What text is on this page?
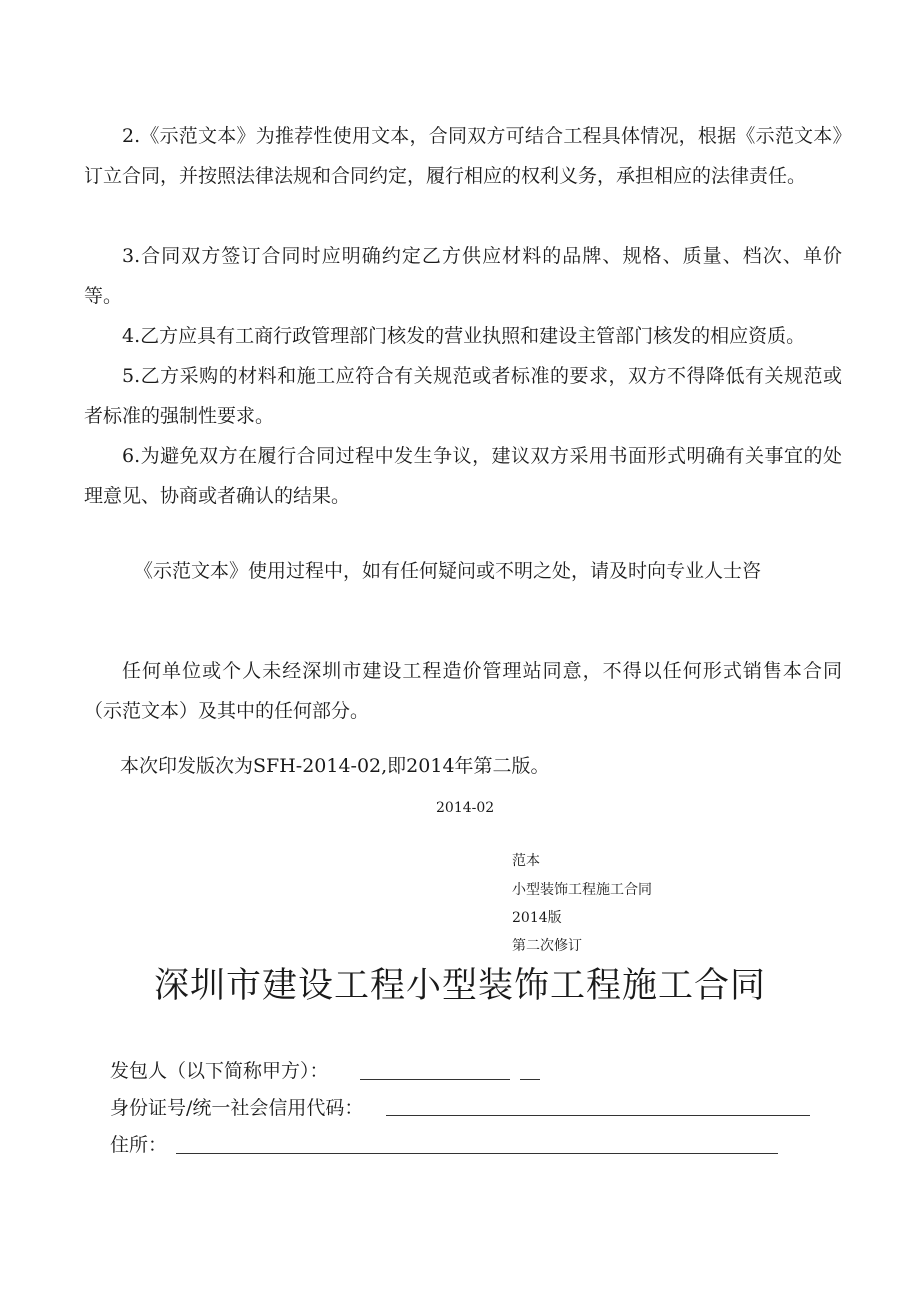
2.《示范文本》为推荐性使用文本，合同双方可结合工程具体情况，根据《示范文本》订立合同，并按照法律法规和合同约定，履行相应的权利义务，承担相应的法律责任。

3.合同双方签订合同时应明确约定乙方供应材料的品牌、规格、质量、档次、单价等。

4.乙方应具有工商行政管理部门核发的营业执照和建设主管部门核发的相应资质。

5.乙方采购的材料和施工应符合有关规范或者标准的要求，双方不得降低有关规范或者标准的强制性要求。

6.为避免双方在履行合同过程中发生争议，建议双方采用书面形式明确有关事宜的处理意见、协商或者确认的结果。

《示范文本》使用过程中，如有任何疑问或不明之处，请及时向专业人士咨

任何单位或个人未经深圳市建设工程造价管理站同意，不得以任何形式销售本合同（示范文本）及其中的任何部分。

本次印发版次为SFH-2014-02,即2014年第二版。

2014-02
范本
小型装饰工程施工合同
2014版
第二次修订
深圳市建设工程小型装饰工程施工合同
发包人（以下简称甲方）：
身份证号/统一社会信用代码：
住所：
